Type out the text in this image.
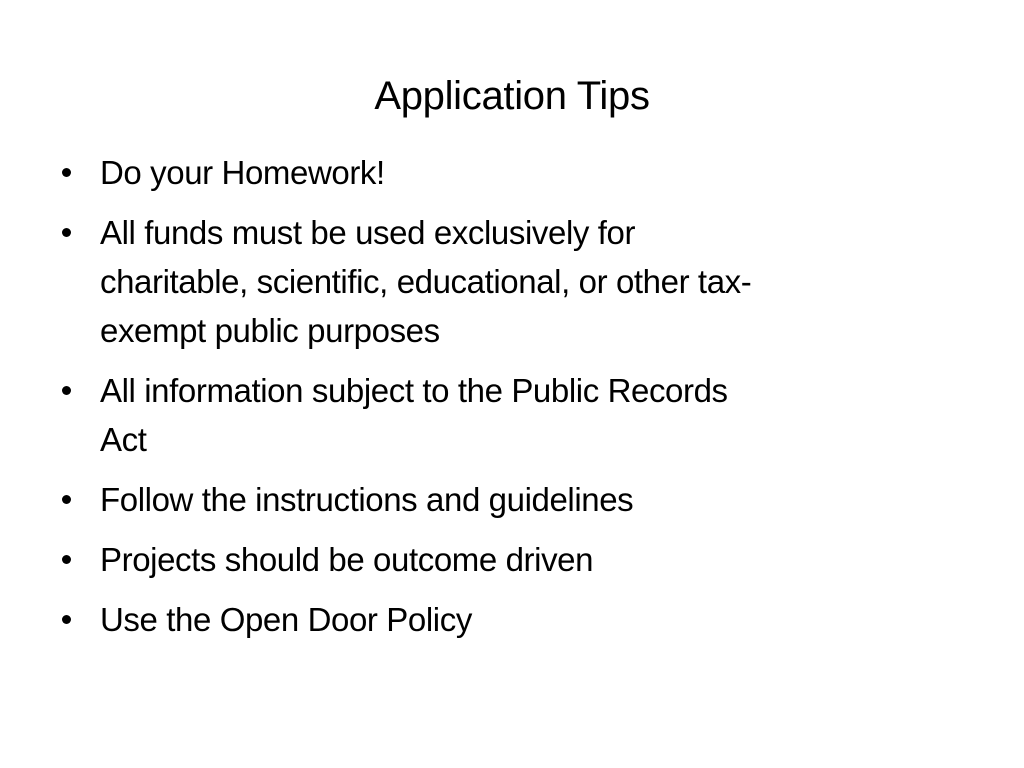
Application Tips
Do your Homework!
All funds must be used exclusively for
charitable, scientific, educational, or other tax-
exempt public purposes
All information subject to the Public Records
Act
Follow the instructions and guidelines
Projects should be outcome driven
Use the Open Door Policy
